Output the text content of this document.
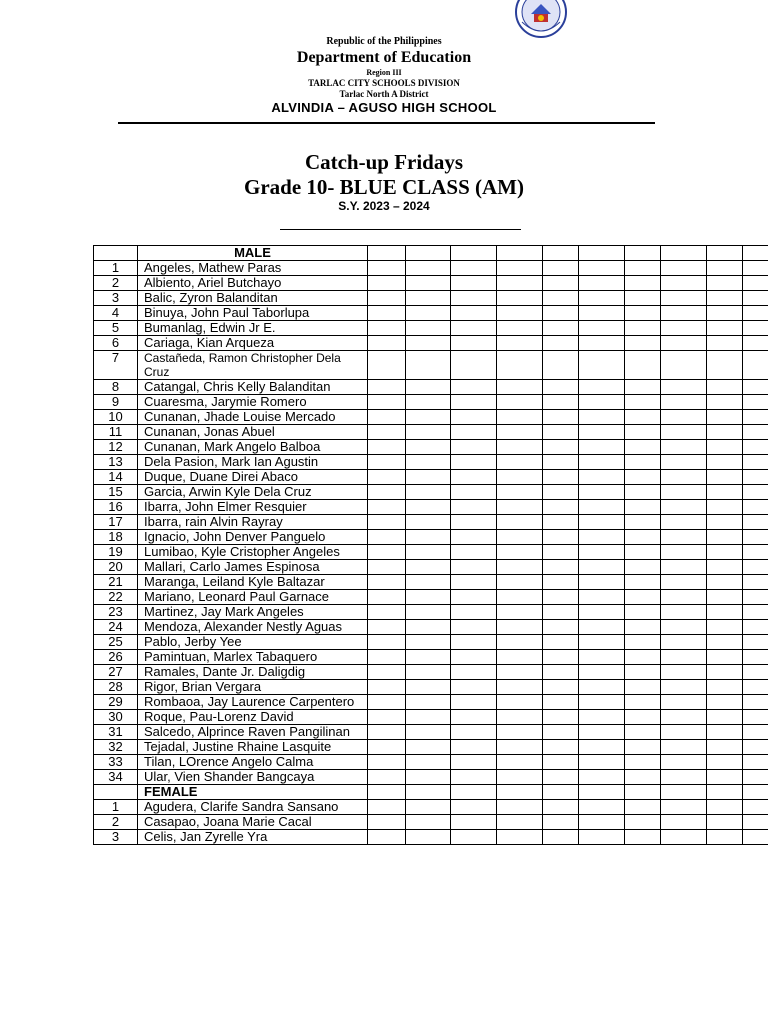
Republic of the Philippines
Department of Education
Region III
TARLAC CITY SCHOOLS DIVISION
Tarlac North A District
ALVINDIA – AGUSO HIGH SCHOOL
Catch-up Fridays
Grade 10- BLUE CLASS (AM)
S.Y. 2023 – 2024
	MALE										
1	Angeles, Mathew Paras										
2	Albiento, Ariel Butchayo										
3	Balic, Zyron Balanditan										
4	Binuya, John Paul Taborlupa										
5	Bumanlag, Edwin Jr E.										
6	Cariaga, Kian Arqueza										
7	Castañeda, Ramon Christopher Dela Cruz										
8	Catangal, Chris Kelly Balanditan										
9	Cuaresma, Jarymie Romero										
10	Cunanan, Jhade Louise Mercado										
11	Cunanan, Jonas Abuel										
12	Cunanan, Mark Angelo Balboa										
13	Dela Pasion, Mark Ian Agustin										
14	Duque, Duane Direi Abaco										
15	Garcia, Arwin Kyle Dela Cruz										
16	Ibarra, John Elmer Resquier										
17	Ibarra, rain Alvin Rayray										
18	Ignacio, John Denver Panguelo										
19	Lumibao, Kyle Cristopher Angeles										
20	Mallari, Carlo James Espinosa										
21	Maranga, Leiland Kyle Baltazar										
22	Mariano, Leonard Paul Garnace										
23	Martinez, Jay Mark Angeles										
24	Mendoza, Alexander Nestly Aguas										
25	Pablo, Jerby Yee										
26	Pamintuan, Marlex Tabaquero										
27	Ramales, Dante Jr. Daligdig										
28	Rigor, Brian Vergara										
29	Rombaoa, Jay Laurence Carpentero										
30	Roque, Pau-Lorenz David										
31	Salcedo, Alprince Raven Pangilinan										
32	Tejadal, Justine Rhaine Lasquite										
33	Tilan, LOrence Angelo Calma										
34	Ular, Vien Shander Bangcaya										
	FEMALE										
1	Agudera, Clarife Sandra Sansano										
2	Casapao, Joana Marie Cacal										
3	Celis, Jan Zyrelle Yra										
